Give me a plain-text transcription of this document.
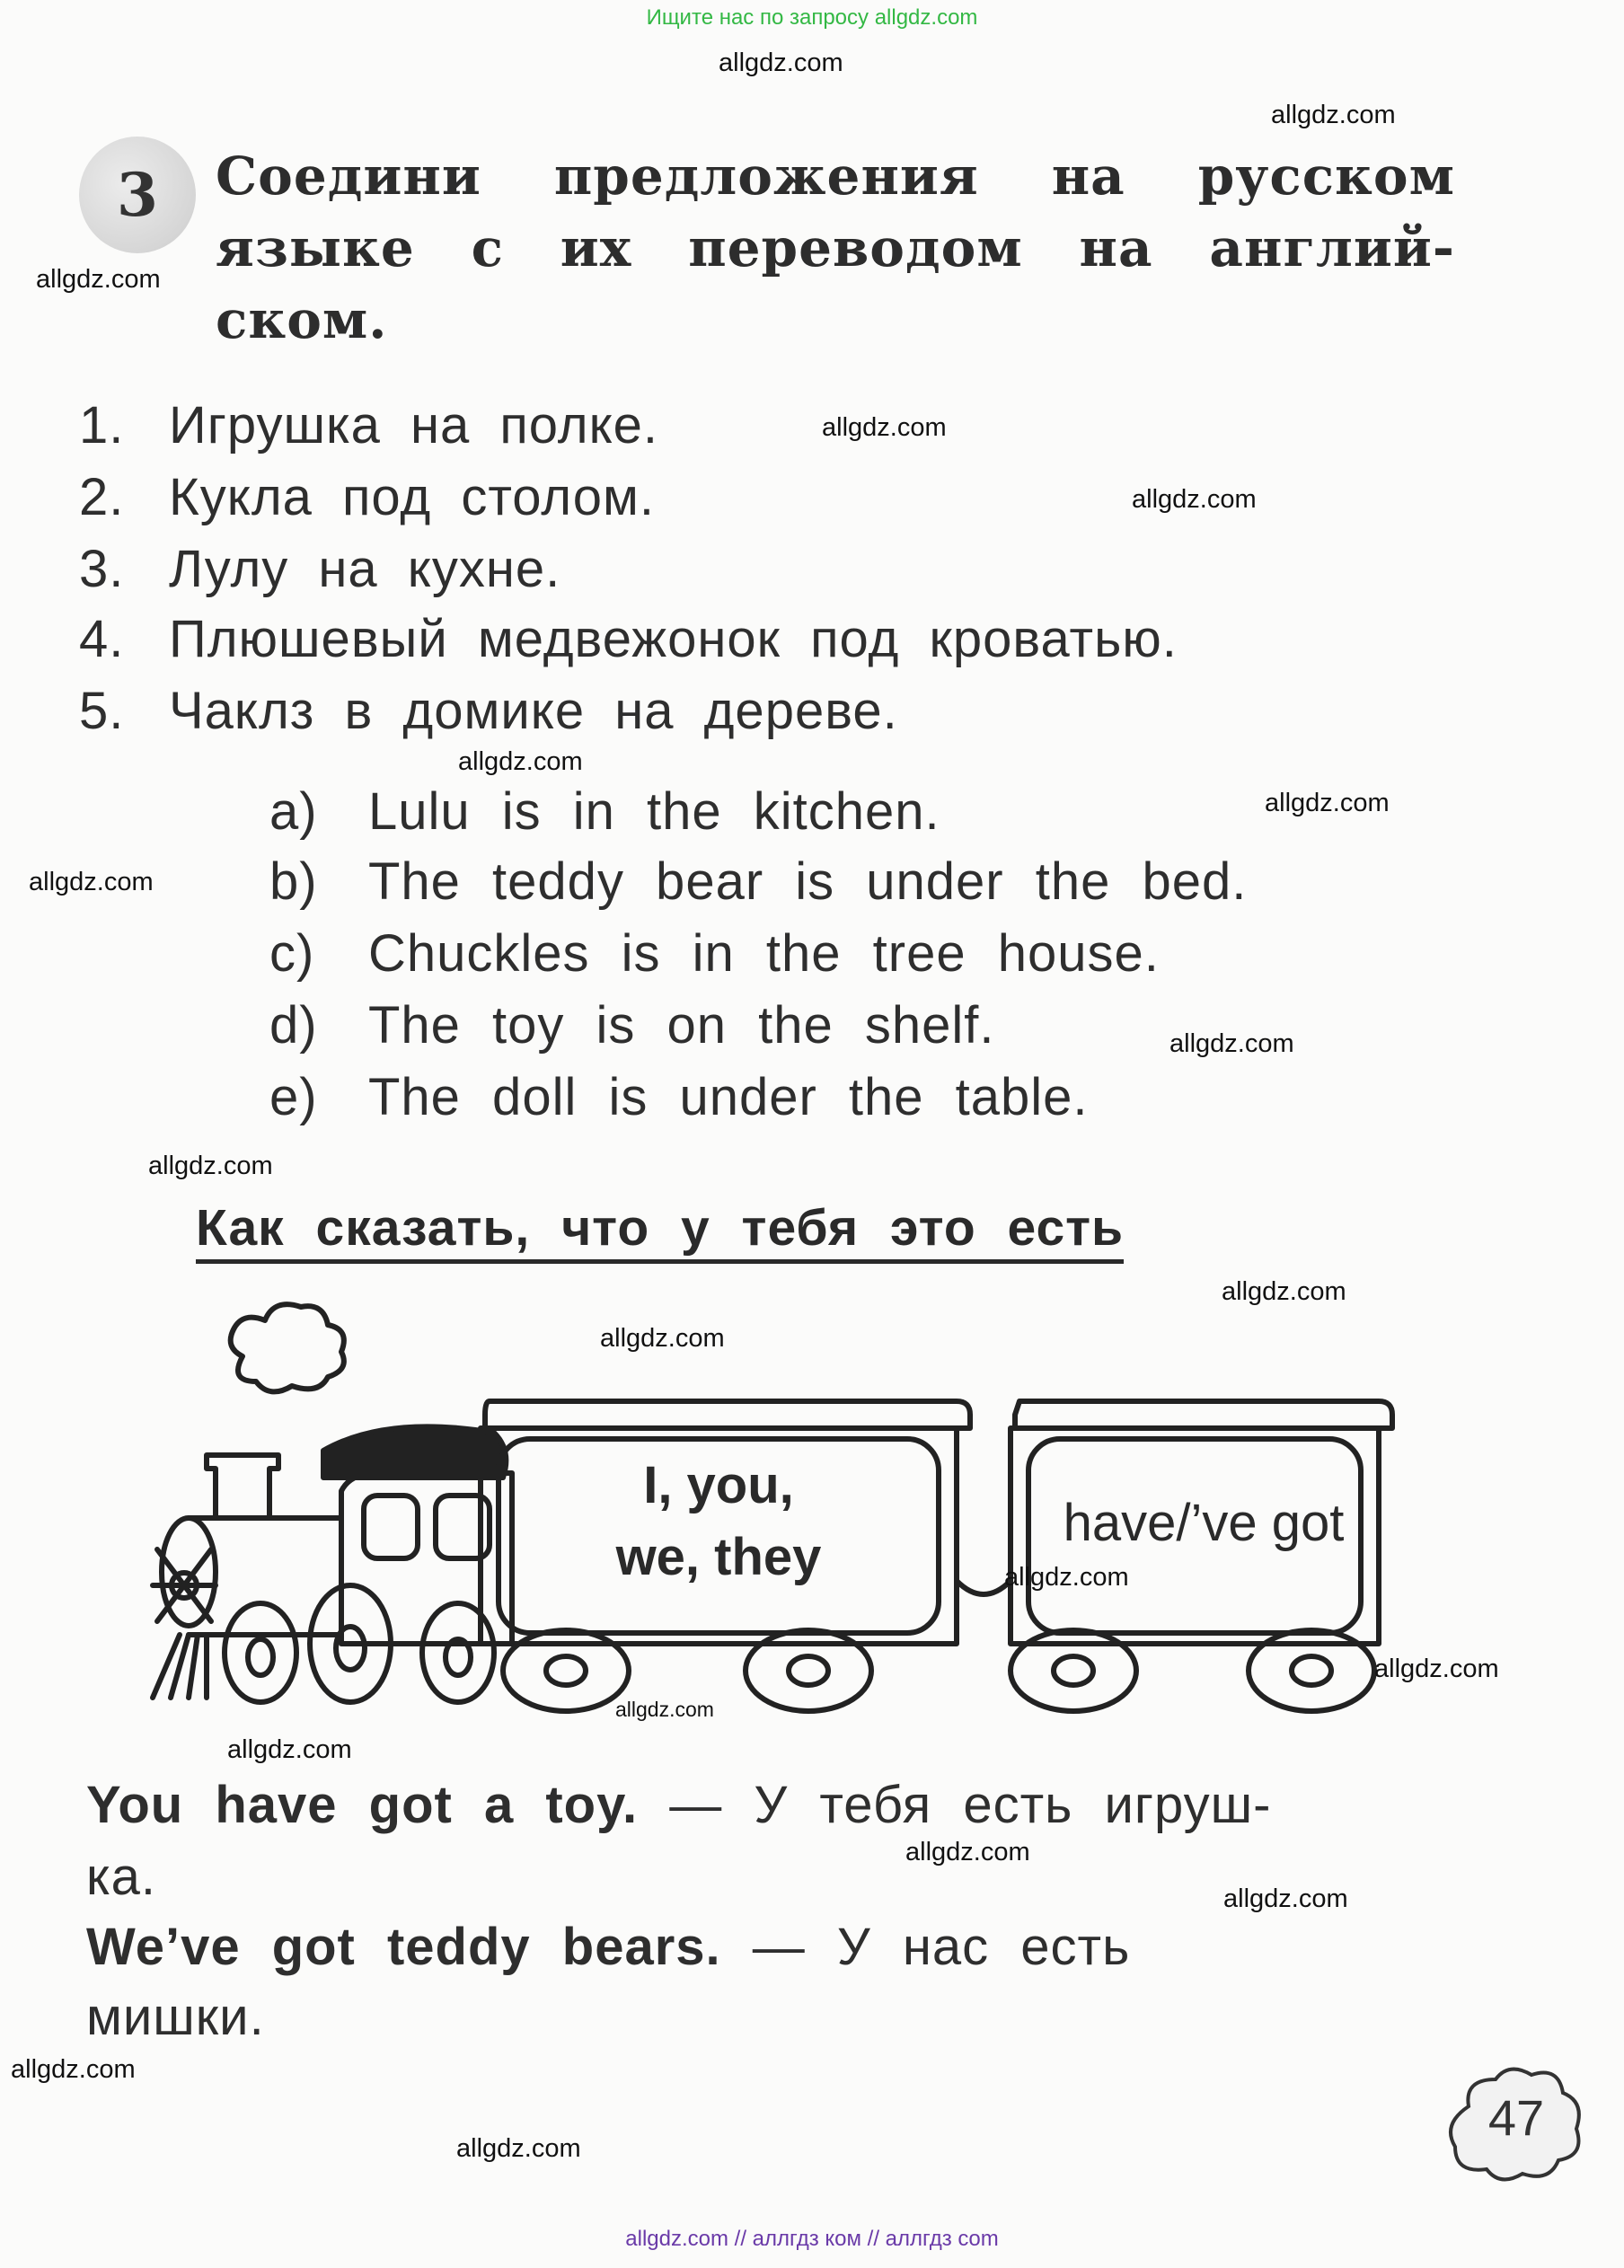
Ищите нас по запросу allgdz.com
3	Соедини предложения на русском
языке с их переводом на англий-
ском.
1. Игрушка на полке.
2. Кукла под столом.
3. Лулу на кухне.
4. Плюшевый медвежонок под кроватью.
5. Чаклз в домике на дереве.
a) Lulu is in the kitchen.
b) The teddy bear is under the bed.
c) Chuckles is in the tree house.
d) The toy is on the shelf.
e) The doll is under the table.
Как сказать, что у тебя это есть
I, you,
we, they
have/’ve got
You have got a toy. — У тебя есть игруш-
ка.
We’ve got teddy bears. — У нас есть
мишки.
47
allgdz.com
allgdz.com
allgdz.com
allgdz.com
allgdz.com
allgdz.com
allgdz.com
allgdz.com
allgdz.com
allgdz.com
allgdz.com
allgdz.com
allgdz.com
allgdz.com
allgdz.com
allgdz.com
allgdz.com
allgdz.com
allgdz.com
allgdz.com
allgdz.com // аллгдз ком // аллгдз com
